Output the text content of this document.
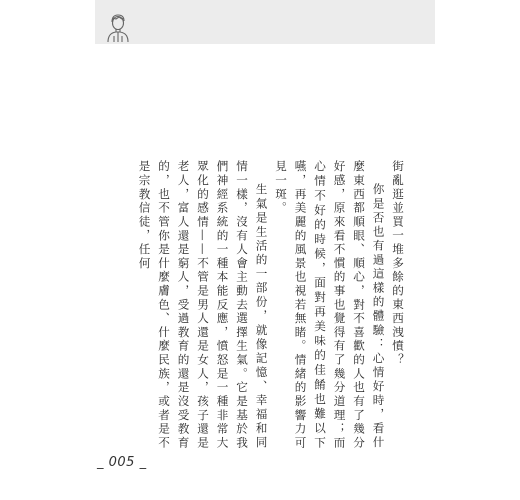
街亂逛並買一堆多餘的東西洩憤？

你是否也有過這樣的體驗：心情好時，看什麼東西都順眼、順心，對不喜歡的人也有了幾分好感，原來看不慣的事也覺得有了幾分道理；而心情不好的時候，面對再美味的佳餚也難以下嚥，再美麗的風景也視若無睹。情緒的影響力可見一斑。

生氣是生活的一部份，就像記憶、幸福和同情一樣，沒有人會主動去選擇生氣。它是基於我們神經系統的一種本能反應，憤怒是一種非常大眾化的感情——不管是男人還是女人，孩子還是老人，富人還是窮人，受過教育的還是沒受教育的，也不管你是什麼膚色、什麼民族，或者是不是宗教信徒，任何

_ 005 _
